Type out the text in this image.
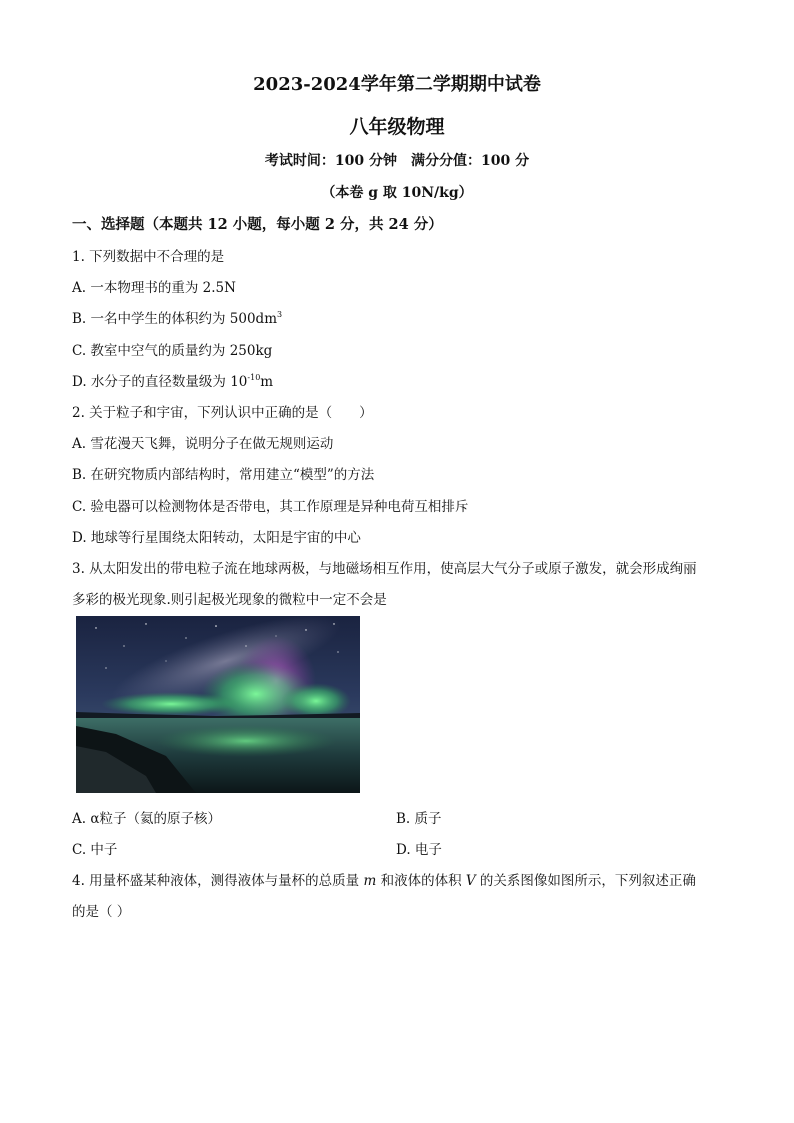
2023-2024学年第二学期期中试卷
八年级物理
考试时间：100 分钟　满分分值：100 分
（本卷 g 取 10N/kg）
一、选择题（本题共 12 小题，每小题 2 分，共 24 分）
1. 下列数据中不合理的是
A. 一本物理书的重为 2.5N
B. 一名中学生的体积约为 $500dm^3$
C. 教室中空气的质量约为 250kg
D. 水分子的直径数量级为 $10^{-10}m$
2. 关于粒子和宇宙，下列认识中正确的是（　　）
A. 雪花漫天飞舞，说明分子在做无规则运动
B. 在研究物质内部结构时，常用建立“模型”的方法
C. 验电器可以检测物体是否带电，其工作原理是异种电荷互相排斥
D. 地球等行星围绕太阳转动，太阳是宇宙的中心
3. 从太阳发出的带电粒子流在地球两极，与地磁场相互作用，使高层大气分子或原子激发，就会形成绚丽
多彩的极光现象.则引起极光现象的微粒中一定不会是
A. α粒子（氦的原子核）	B. 质子
C. 中子	D. 电子
4. 用量杯盛某种液体，测得液体与量杯的总质量 m 和液体的体积 V 的关系图像如图所示，下列叙述正确
的是（ ）
